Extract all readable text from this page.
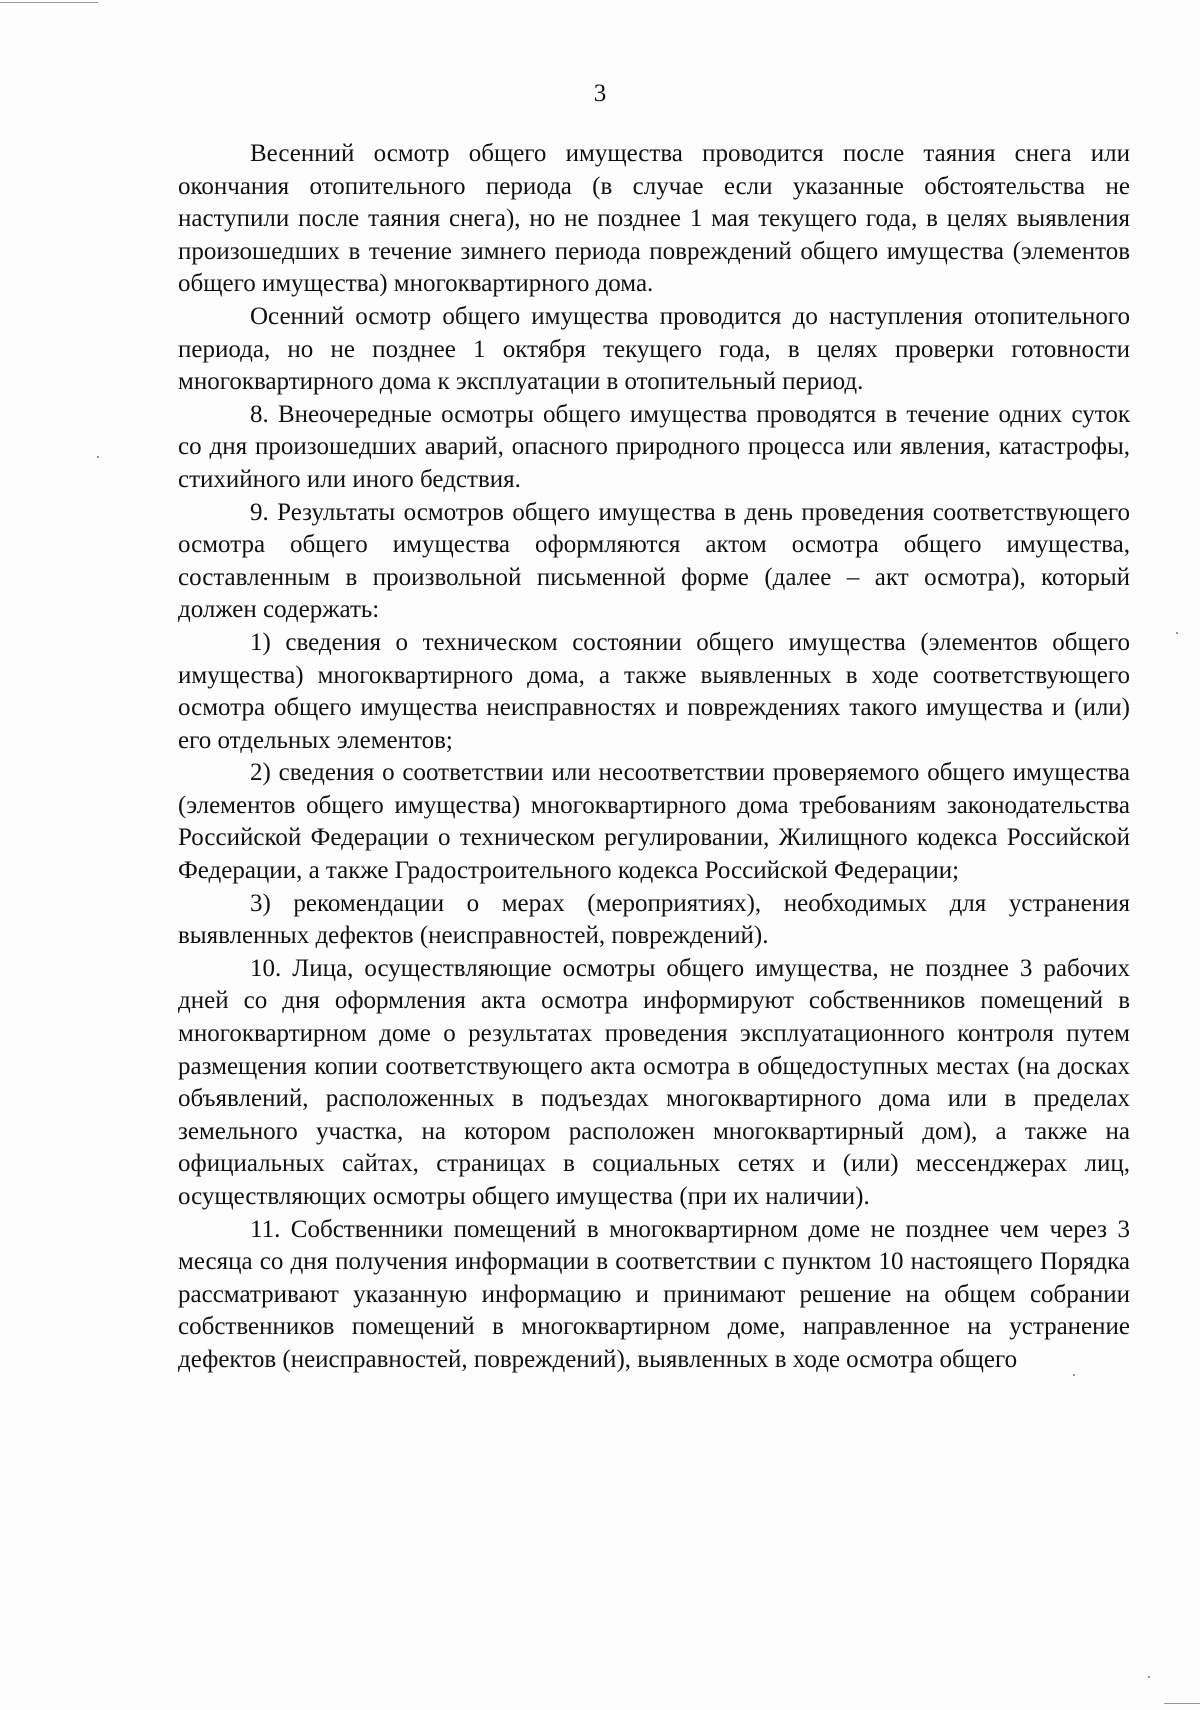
3

Весенний осмотр общего имущества проводится после таяния снега или окончания отопительного периода (в случае если указанные обстоятельства не наступили после таяния снега), но не позднее 1 мая текущего года, в целях выявления произошедших в течение зимнего периода повреждений общего имущества (элементов общего имущества) многоквартирного дома.

Осенний осмотр общего имущества проводится до наступления отопительного периода, но не позднее 1 октября текущего года, в целях проверки готовности многоквартирного дома к эксплуатации в отопительный период.

8. Внеочередные осмотры общего имущества проводятся в течение одних суток со дня произошедших аварий, опасного природного процесса или явления, катастрофы, стихийного или иного бедствия.

9. Результаты осмотров общего имущества в день проведения соответствующего осмотра общего имущества оформляются актом осмотра общего имущества, составленным в произвольной письменной форме (далее – акт осмотра), который должен содержать:

1) сведения о техническом состоянии общего имущества (элементов общего имущества) многоквартирного дома, а также выявленных в ходе соответствующего осмотра общего имущества неисправностях и повреждениях такого имущества и (или) его отдельных элементов;

2) сведения о соответствии или несоответствии проверяемого общего имущества (элементов общего имущества) многоквартирного дома требованиям законодательства Российской Федерации о техническом регулировании, Жилищного кодекса Российской Федерации, а также Градостроительного кодекса Российской Федерации;

3) рекомендации о мерах (мероприятиях), необходимых для устранения выявленных дефектов (неисправностей, повреждений).

10. Лица, осуществляющие осмотры общего имущества, не позднее 3 рабочих дней со дня оформления акта осмотра информируют собственников помещений в многоквартирном доме о результатах проведения эксплуатационного контроля путем размещения копии соответствующего акта осмотра в общедоступных местах (на досках объявлений, расположенных в подъездах многоквартирного дома или в пределах земельного участка, на котором расположен многоквартирный дом), а также на официальных сайтах, страницах в социальных сетях и (или) мессенджерах лиц, осуществляющих осмотры общего имущества (при их наличии).

11. Собственники помещений в многоквартирном доме не позднее чем через 3 месяца со дня получения информации в соответствии с пунктом 10 настоящего Порядка рассматривают указанную информацию и принимают решение на общем собрании собственников помещений в многоквартирном доме, направленное на устранение дефектов (неисправностей, повреждений), выявленных в ходе осмотра общего
